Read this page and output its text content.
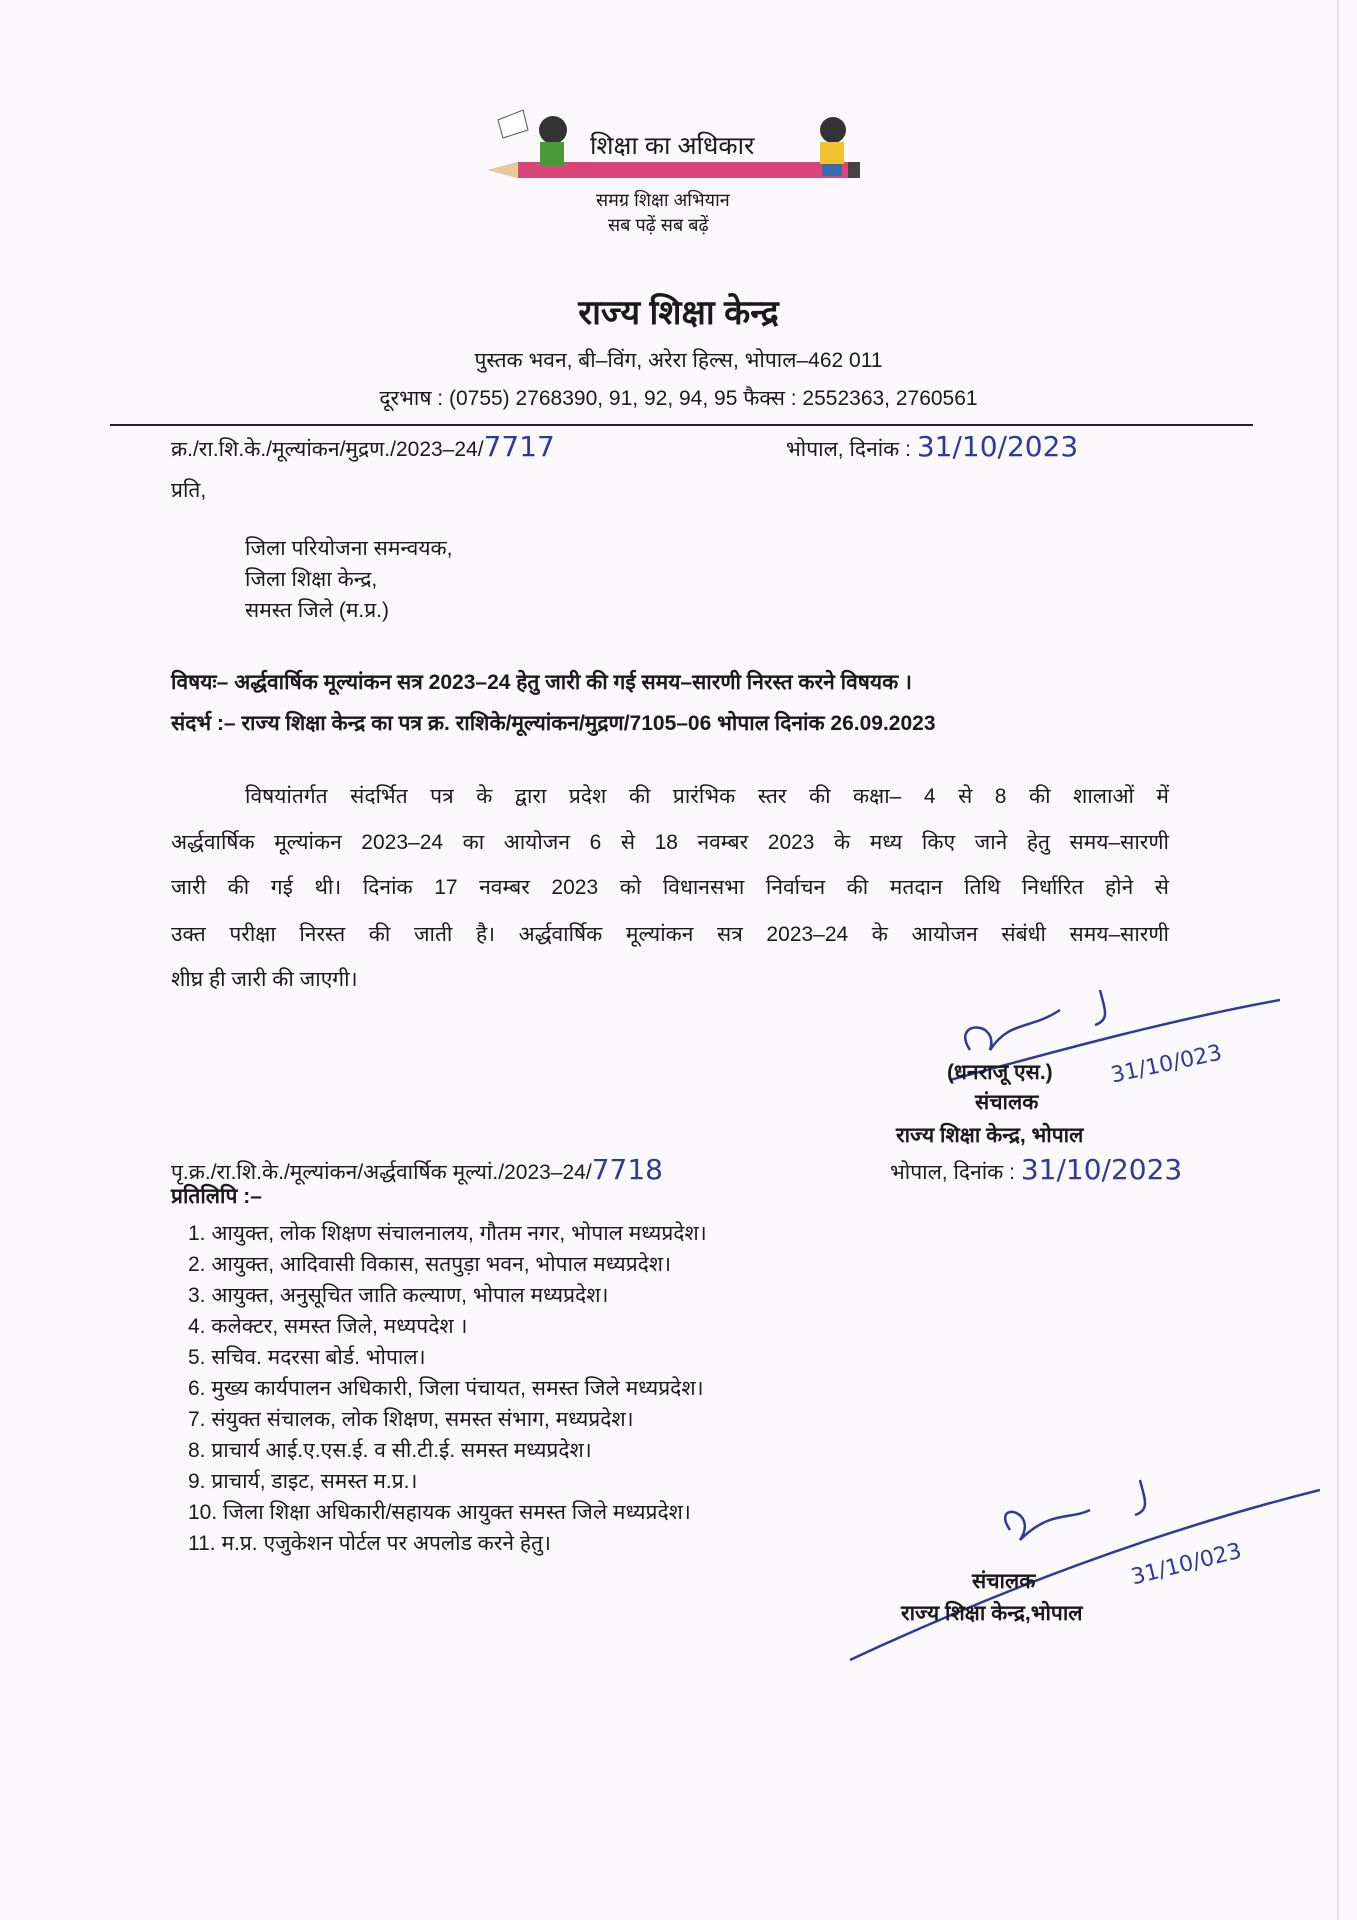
शिक्षा का अधिकार
समग्र शिक्षा अभियान
सब पढ़ें सब बढ़ें
राज्य शिक्षा केन्द्र
पुस्तक भवन, बी–विंग, अरेरा हिल्स, भोपाल–462 011
दूरभाष : (0755) 2768390, 91, 92, 94, 95 फैक्स : 2552363, 2760561
क्र./रा.शि.के./मूल्यांकन/मुद्रण./2023–24/7717	भोपाल, दिनांक : 31/10/2023
प्रति,
जिला परियोजना समन्वयक,
जिला शिक्षा केन्द्र,
समस्त जिले (म.प्र.)
विषयः– अर्द्धवार्षिक मूल्यांकन सत्र 2023–24 हेतु जारी की गई समय–सारणी निरस्त करने विषयक ।
संदर्भ :– राज्य शिक्षा केन्द्र का पत्र क्र. राशिके/मूल्यांकन/मुद्रण/7105–06 भोपाल दिनांक 26.09.2023
विषयांतर्गत संदर्भित पत्र के द्वारा प्रदेश की प्रारंभिक स्तर की कक्षा– 4 से 8 की शालाओं में
अर्द्धवार्षिक मूल्यांकन 2023–24 का आयोजन 6 से 18 नवम्बर 2023 के मध्य किए जाने हेतु समय–सारणी
जारी की गई थी। दिनांक 17 नवम्बर 2023 को विधानसभा निर्वाचन की मतदान तिथि निर्धारित होने से
उक्त परीक्षा निरस्त की जाती है। अर्द्धवार्षिक मूल्यांकन सत्र 2023–24 के आयोजन संबंधी समय–सारणी
शीघ्र ही जारी की जाएगी।
31/10/023
(धनराजू एस.)
संचालक
राज्य शिक्षा केन्द्र, भोपाल
पृ.क्र./रा.शि.के./मूल्यांकन/अर्द्धवार्षिक मूल्यां./2023–24/7718	भोपाल, दिनांक : 31/10/2023
प्रतिलिपि :–
1. आयुक्त, लोक शिक्षण संचालनालय, गौतम नगर, भोपाल मध्यप्रदेश।
2. आयुक्त, आदिवासी विकास, सतपुड़ा भवन, भोपाल मध्यप्रदेश।
3. आयुक्त, अनुसूचित जाति कल्याण, भोपाल मध्यप्रदेश।
4. कलेक्टर, समस्त जिले, मध्यपदेश ।
5. सचिव. मदरसा बोर्ड. भोपाल।
6. मुख्य कार्यपालन अधिकारी, जिला पंचायत, समस्त जिले मध्यप्रदेश।
7. संयुक्त संचालक, लोक शिक्षण, समस्त संभाग, मध्यप्रदेश।
8. प्राचार्य आई.ए.एस.ई. व सी.टी.ई. समस्त मध्यप्रदेश।
9. प्राचार्य, डाइट, समस्त म.प्र.।
10. जिला शिक्षा अधिकारी/सहायक आयुक्त समस्त जिले मध्यप्रदेश।
11. म.प्र. एजुकेशन पोर्टल पर अपलोड करने हेतु।	31/10/023
संचालक
राज्य शिक्षा केन्द्र,भोपाल
